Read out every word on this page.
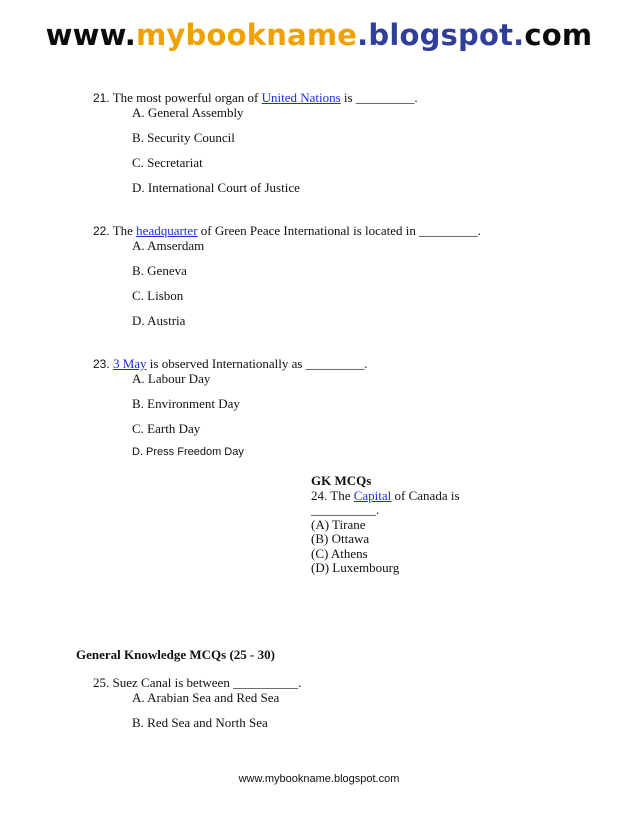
www. mybookname .blogspot. com
21. The most powerful organ of United Nations is _________.
A. General Assembly
B. Security Council
C. Secretariat
D. International Court of Justice
22. The headquarter of Green Peace International is located in _________.
A. Amserdam
B. Geneva
C. Lisbon
D. Austria
23. 3 May is observed Internationally as _________.
A. Labour Day
B. Environment Day
C. Earth Day
D. Press Freedom Day
GK MCQs
24. The Capital of Canada is
__________.
(A) Tirane
(B) Ottawa
(C) Athens
(D) Luxembourg
General Knowledge MCQs (25 - 30)
25. Suez Canal is between __________.
A. Arabian Sea and Red Sea
B. Red Sea and North Sea
www.mybookname.blogspot.com
